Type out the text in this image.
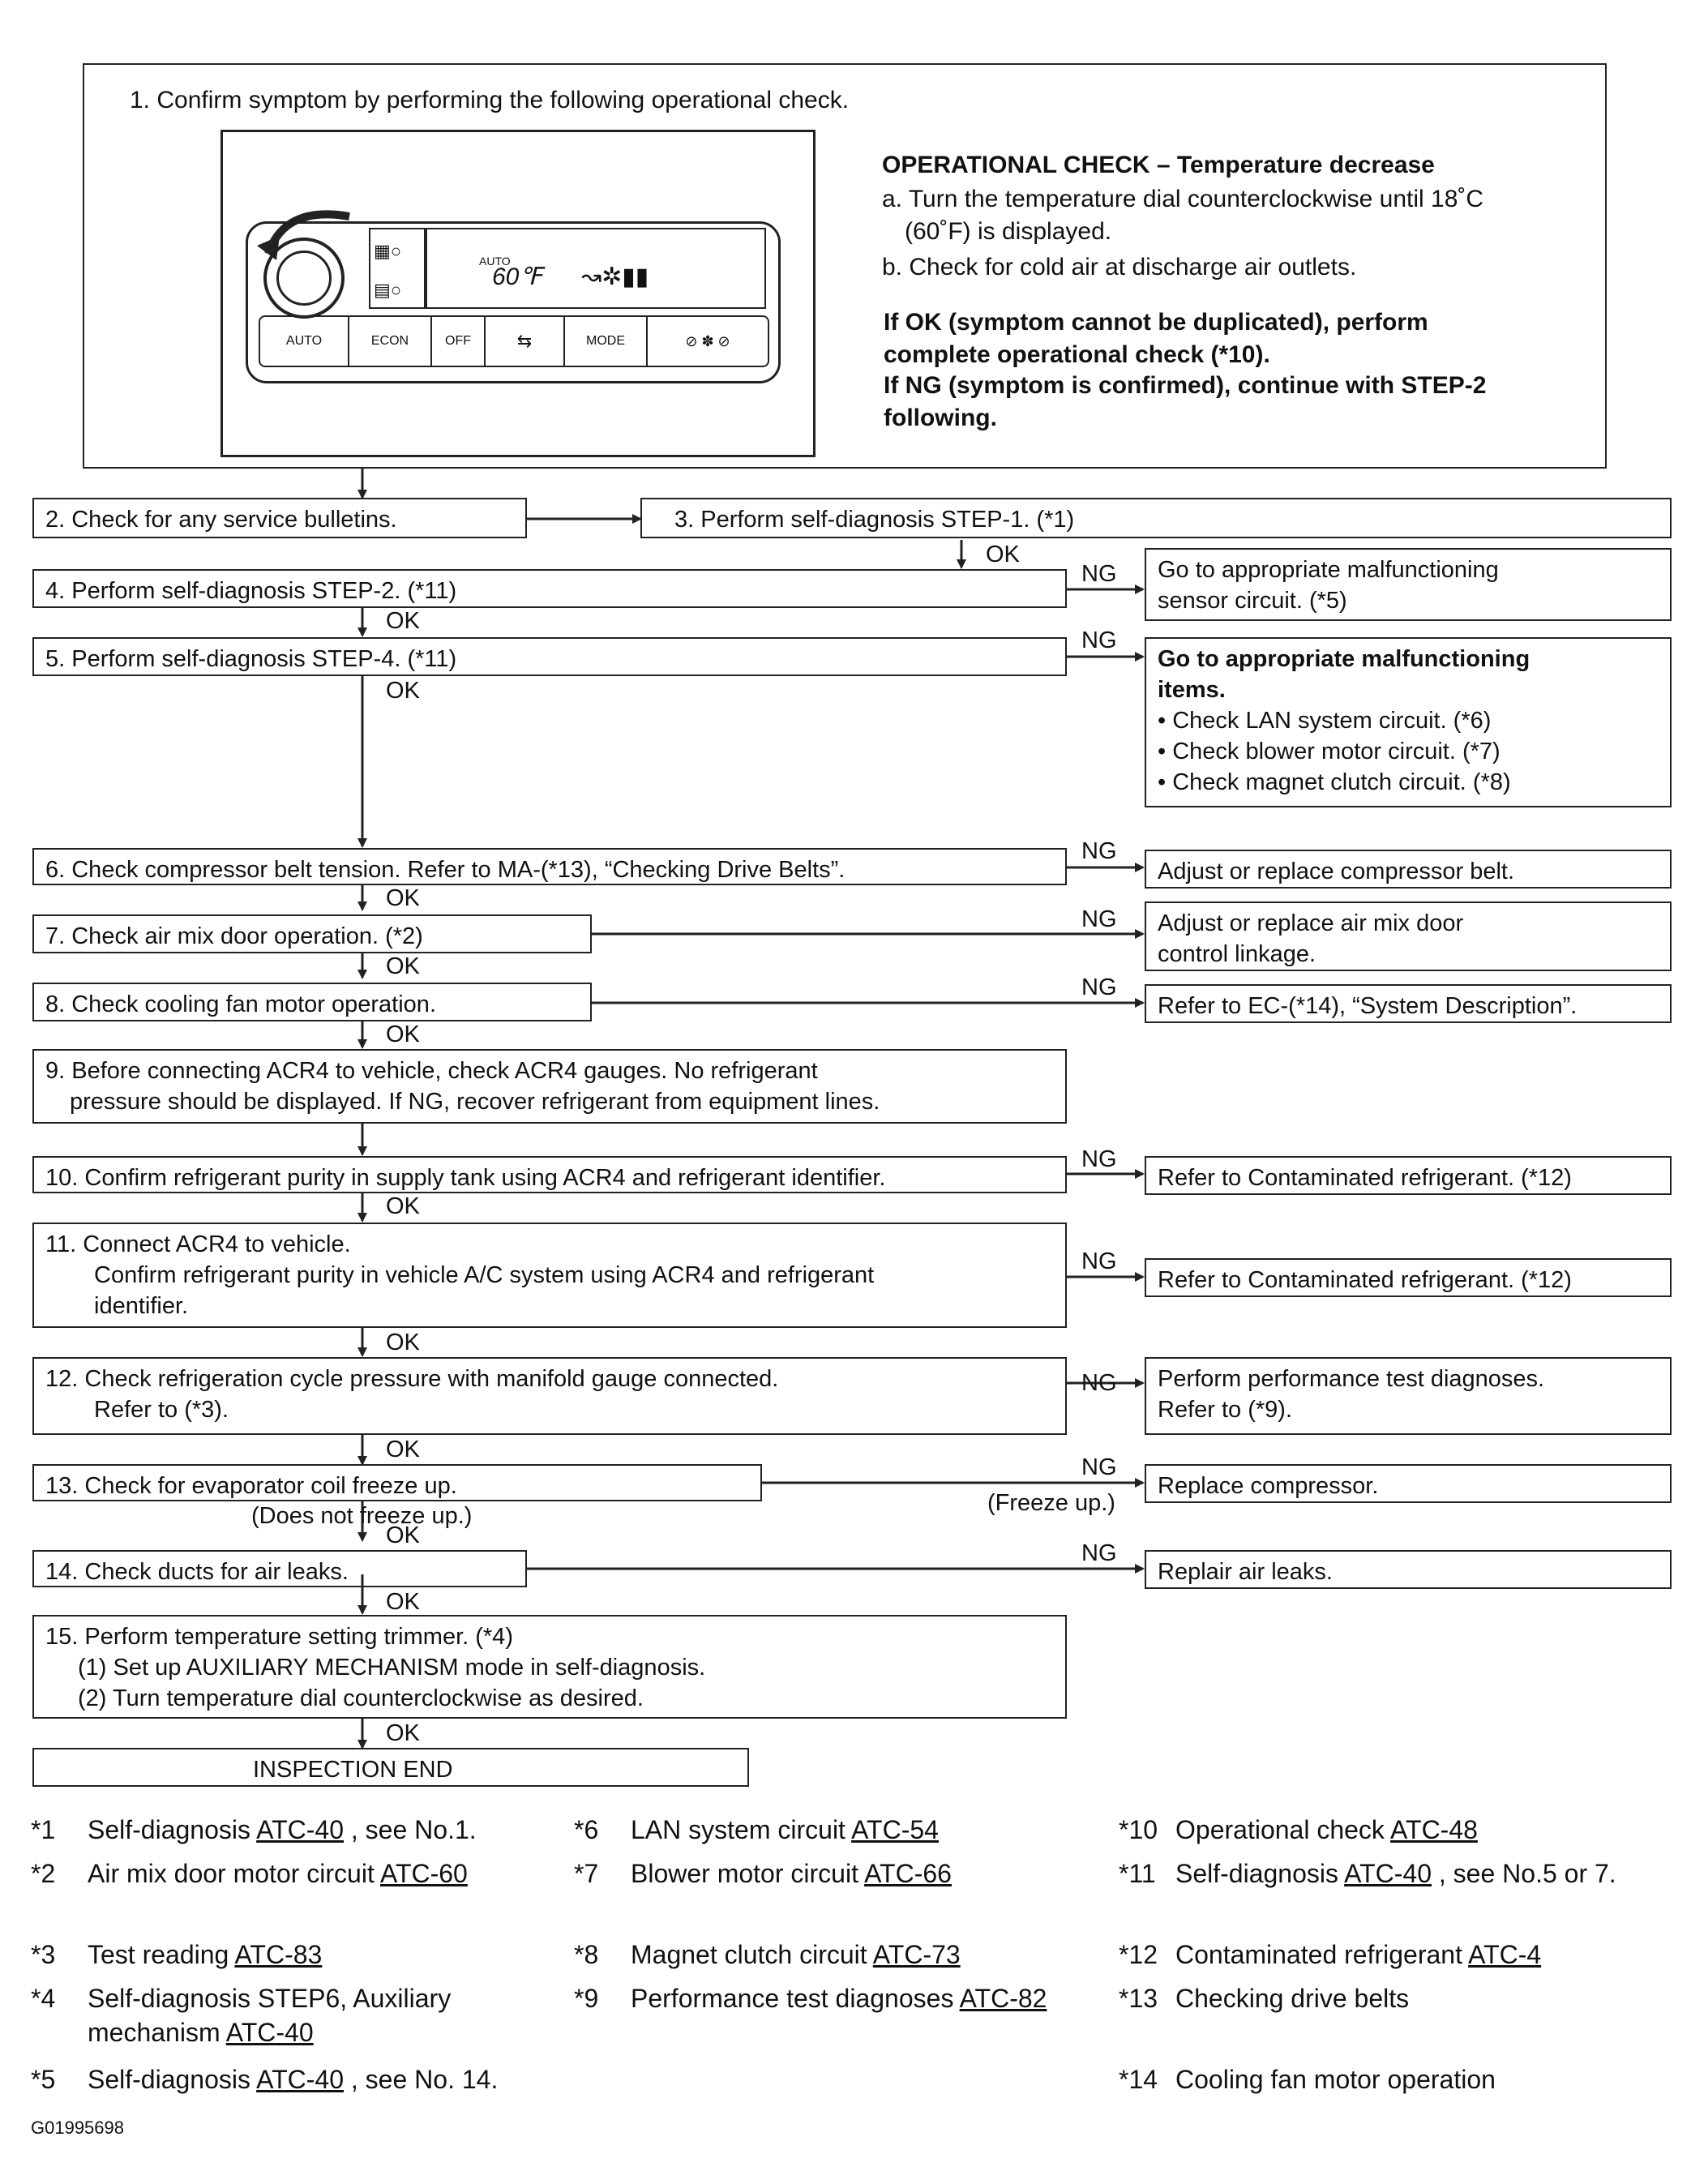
1. Confirm symptom by performing the following operational check.
▦○
▤○
AUTO
60℉ ↝✲▮▮
AUTO	ECON	OFF	⇆	MODE	⊘ ✽ ⊘
OPERATIONAL CHECK – Temperature decrease
a. Turn the temperature dial counterclockwise until 18˚C
(60˚F) is displayed.
b. Check for cold air at discharge air outlets.
If OK (symptom cannot be duplicated), perform
complete operational check (*10).
If NG (symptom is confirmed), continue with STEP-2
following.
2. Check for any service bulletins.	3. Perform self-diagnosis STEP-1. (*1)
4. Perform self-diagnosis STEP-2. (*11)
5. Perform self-diagnosis STEP-4. (*11)
6. Check compressor belt tension. Refer to MA-(*13), “Checking Drive Belts”.
7. Check air mix door operation. (*2)
8. Check cooling fan motor operation.
9. Before connecting ACR4 to vehicle, check ACR4 gauges. No refrigerant
pressure should be displayed. If NG, recover refrigerant from equipment lines.
10. Confirm refrigerant purity in supply tank using ACR4 and refrigerant identifier.
11. Connect ACR4 to vehicle.
Confirm refrigerant purity in vehicle A/C system using ACR4 and refrigerant
identifier.
12. Check refrigeration cycle pressure with manifold gauge connected.
Refer to (*3).
13. Check for evaporator coil freeze up.
14. Check ducts for air leaks.
15. Perform temperature setting trimmer. (*4)
(1) Set up AUXILIARY MECHANISM mode in self-diagnosis.
(2) Turn temperature dial counterclockwise as desired.
INSPECTION END
Go to appropriate malfunctioning
sensor circuit. (*5)
Go to appropriate malfunctioning
items.
• Check LAN system circuit. (*6)
• Check blower motor circuit. (*7)
• Check magnet clutch circuit. (*8)
Adjust or replace compressor belt.
Adjust or replace air mix door
control linkage.
Refer to EC-(*14), “System Description”.
Refer to Contaminated refrigerant. (*12)
Refer to Contaminated refrigerant. (*12)
Perform performance test diagnoses.
Refer to (*9).
Replace compressor.
Replair air leaks.
OK
OK
OK
OK
OK
OK
OK
OK
OK
OK
OK
OK
(Does not freeze up.)
NG
NG
NG
NG
NG
NG
NG
NG
NG
(Freeze up.)
NG
*1 Self-diagnosis ATC-40 , see No.1.
*2 Air mix door motor circuit ATC-60
*3 Test reading ATC-83
*4 Self-diagnosis STEP6, Auxiliary mechanism ATC-40
*5 Self-diagnosis ATC-40 , see No. 14.
*6 LAN system circuit ATC-54
*7 Blower motor circuit ATC-66
*8 Magnet clutch circuit ATC-73
*9 Performance test diagnoses ATC-82
*10 Operational check ATC-48
*11 Self-diagnosis ATC-40 , see No.5 or 7.
*12 Contaminated refrigerant ATC-4
*13 Checking drive belts
*14 Cooling fan motor operation
G01995698
